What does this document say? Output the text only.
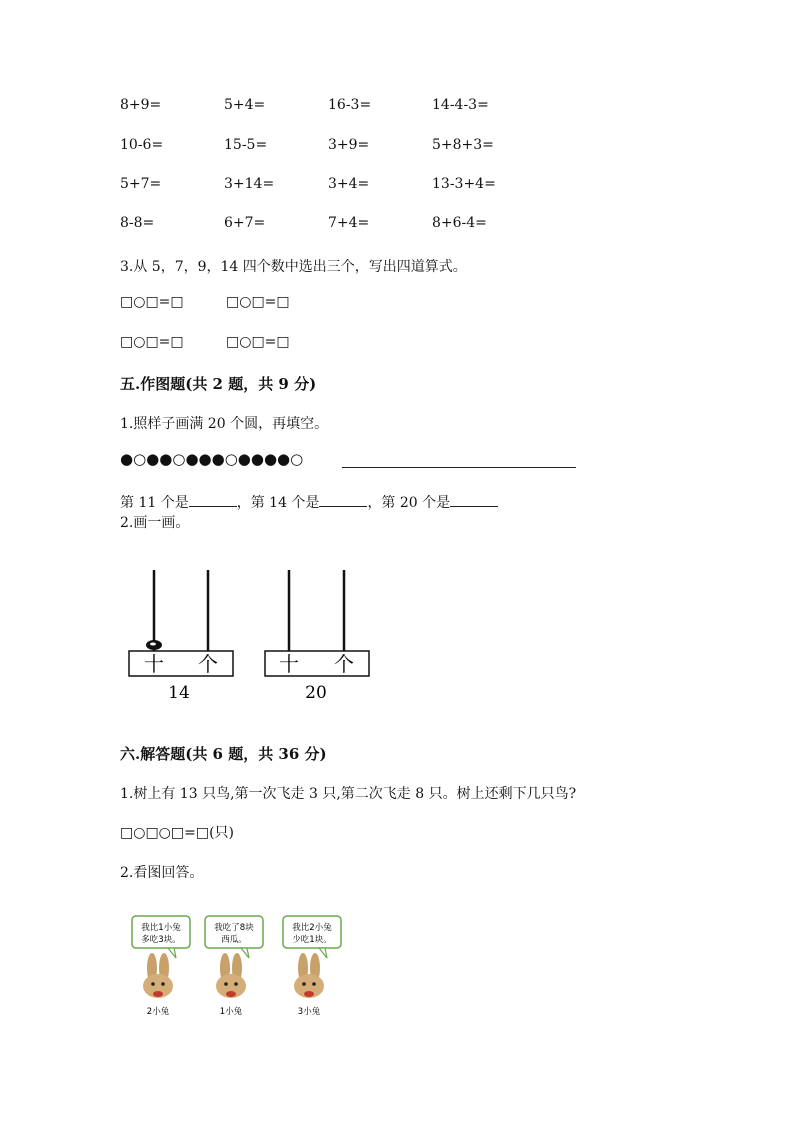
8+9=	5+4=	16-3=	14-4-3=
10-6=	15-5=	3+9=	5+8+3=
5+7=	3+14=	3+4=	13-3+4=
8-8=	6+7=	7+4=	8+6-4=
3.从 5，7，9，14 四个数中选出三个，写出四道算式。
□○□=□	□○□=□
□○□=□	□○□=□
五.作图题(共 2 题，共 9 分)
1.照样子画满 20 个圆，再填空。
●○●●○●●●○●●●●○
第 11 个是	，第 14 个是	，第 20 个是
2.画一画。
十 个
14
十 个
20
六.解答题(共 6 题，共 36 分)
1.树上有 13 只鸟,第一次飞走 3 只,第二次飞走 8 只。树上还剩下几只鸟?
□○□○□=□(只)
2.看图回答。
我比1小兔
多吃3块。
2小兔
我吃了8块
西瓜。
1小兔
我比2小兔
少吃1块。
3小兔
